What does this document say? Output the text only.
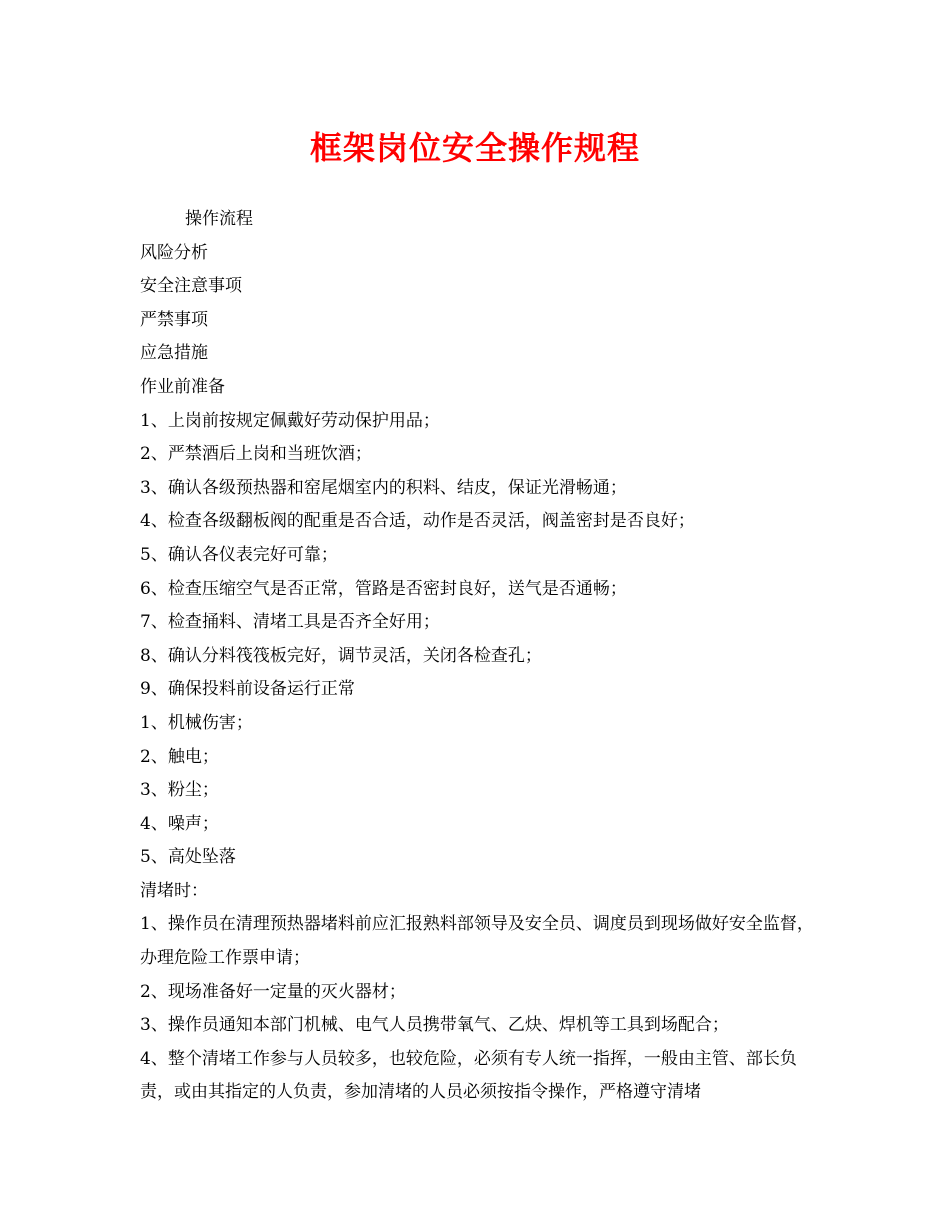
框架岗位安全操作规程

操作流程

风险分析

安全注意事项

严禁事项

应急措施

作业前准备

1、上岗前按规定佩戴好劳动保护用品；

2、严禁酒后上岗和当班饮酒；

3、确认各级预热器和窑尾烟室内的积料、结皮，保证光滑畅通；

4、检查各级翻板阀的配重是否合适，动作是否灵活，阀盖密封是否良好；

5、确认各仪表完好可靠；

6、检查压缩空气是否正常，管路是否密封良好，送气是否通畅；

7、检查捅料、清堵工具是否齐全好用；

8、确认分料筏筏板完好，调节灵活，关闭各检查孔；

9、确保投料前设备运行正常

1、机械伤害；

2、触电；

3、粉尘；

4、噪声；

5、高处坠落

清堵时：

1、操作员在清理预热器堵料前应汇报熟料部领导及安全员、调度员到现场做好安全监督，办理危险工作票申请；

2、现场准备好一定量的灭火器材；

3、操作员通知本部门机械、电气人员携带氧气、乙炔、焊机等工具到场配合；

4、整个清堵工作参与人员较多，也较危险，必须有专人统一指挥，一般由主管、部长负责，或由其指定的人负责，参加清堵的人员必须按指令操作，严格遵守清堵
